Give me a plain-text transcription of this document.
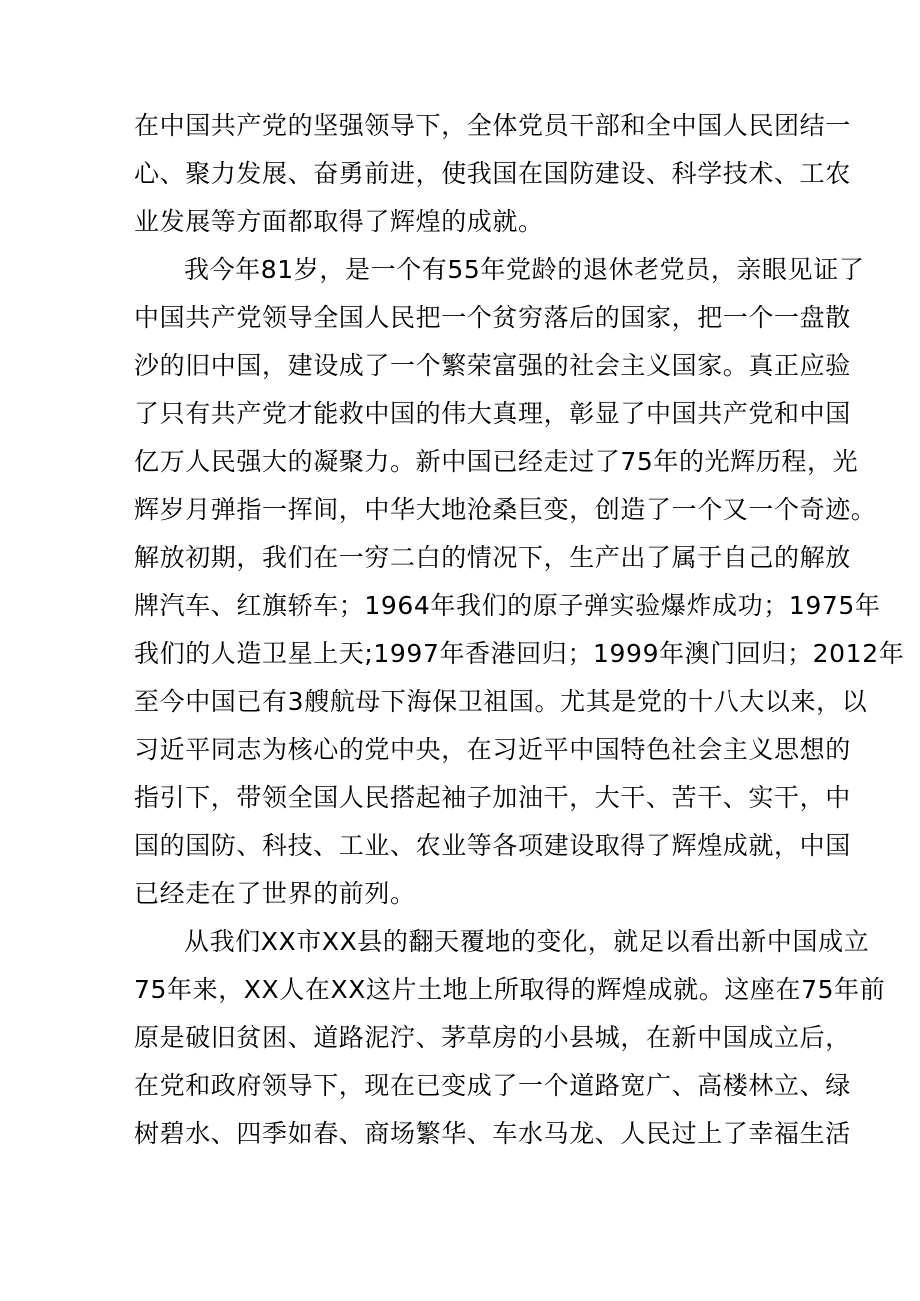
在中国共产党的坚强领导下，全体党员干部和全中国人民团结一
心、聚力发展、奋勇前进，使我国在国防建设、科学技术、工农
业发展等方面都取得了辉煌的成就。
我今年81岁，是一个有55年党龄的退休老党员，亲眼见证了
中国共产党领导全国人民把一个贫穷落后的国家，把一个一盘散
沙的旧中国，建设成了一个繁荣富强的社会主义国家。真正应验
了只有共产党才能救中国的伟大真理，彰显了中国共产党和中国
亿万人民强大的凝聚力。新中国已经走过了75年的光辉历程，光
辉岁月弹指一挥间，中华大地沧桑巨变，创造了一个又一个奇迹。
解放初期，我们在一穷二白的情况下，生产出了属于自己的解放
牌汽车、红旗轿车；1964年我们的原子弹实验爆炸成功；1975年
我们的人造卫星上天;1997年香港回归；1999年澳门回归；2012年
至今中国已有3艘航母下海保卫祖国。尤其是党的十八大以来，以
习近平同志为核心的党中央，在习近平中国特色社会主义思想的
指引下，带领全国人民搭起袖子加油干，大干、苦干、实干，中
国的国防、科技、工业、农业等各项建设取得了辉煌成就，中国
已经走在了世界的前列。
从我们XX市XX县的翻天覆地的变化，就足以看出新中国成立
75年来，XX人在XX这片土地上所取得的辉煌成就。这座在75年前
原是破旧贫困、道路泥泞、茅草房的小县城，在新中国成立后，
在党和政府领导下，现在已变成了一个道路宽广、高楼林立、绿
树碧水、四季如春、商场繁华、车水马龙、人民过上了幸福生活
